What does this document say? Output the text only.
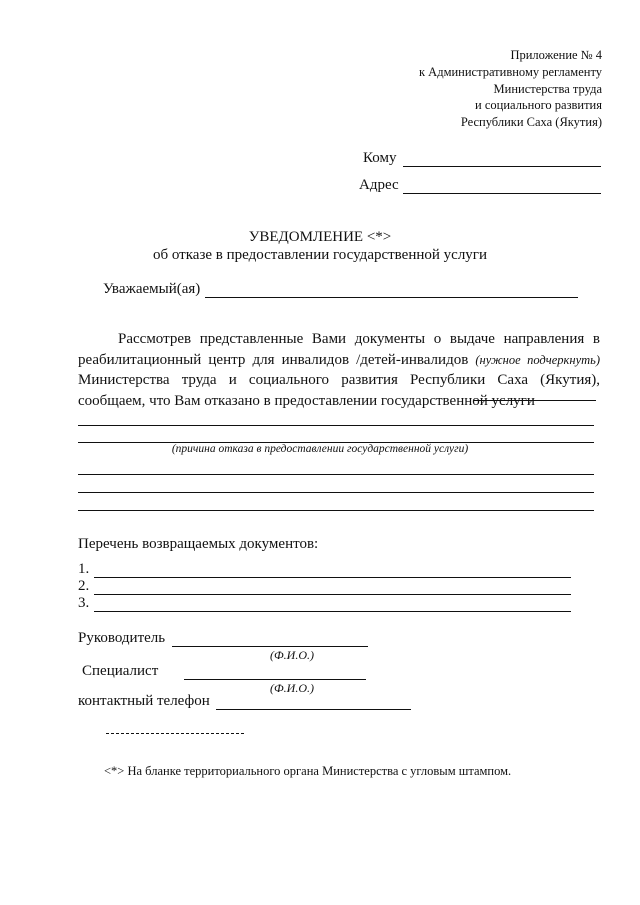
Приложение № 4
к Административному регламенту
Министерства труда
и социального развития
Республики Саха (Якутия)
Кому
Адрес
УВЕДОМЛЕНИЕ <*>
об отказе в предоставлении государственной услуги
Уважаемый(ая)
Рассмотрев представленные Вами документы о выдаче направления в реабилитационный центр для инвалидов /детей-инвалидов (нужное подчеркнуть) Министерства труда и социального развития Республики Саха (Якутия), сообщаем, что Вам отказано в предоставлении государственной услуги
(причина отказа в предоставлении государственной услуги)
Перечень возвращаемых документов:
1.
2.
3.
Руководитель
(Ф.И.О.)
Специалист
(Ф.И.О.)
контактный телефон
<*> На бланке территориального органа Министерства с угловым штампом.
